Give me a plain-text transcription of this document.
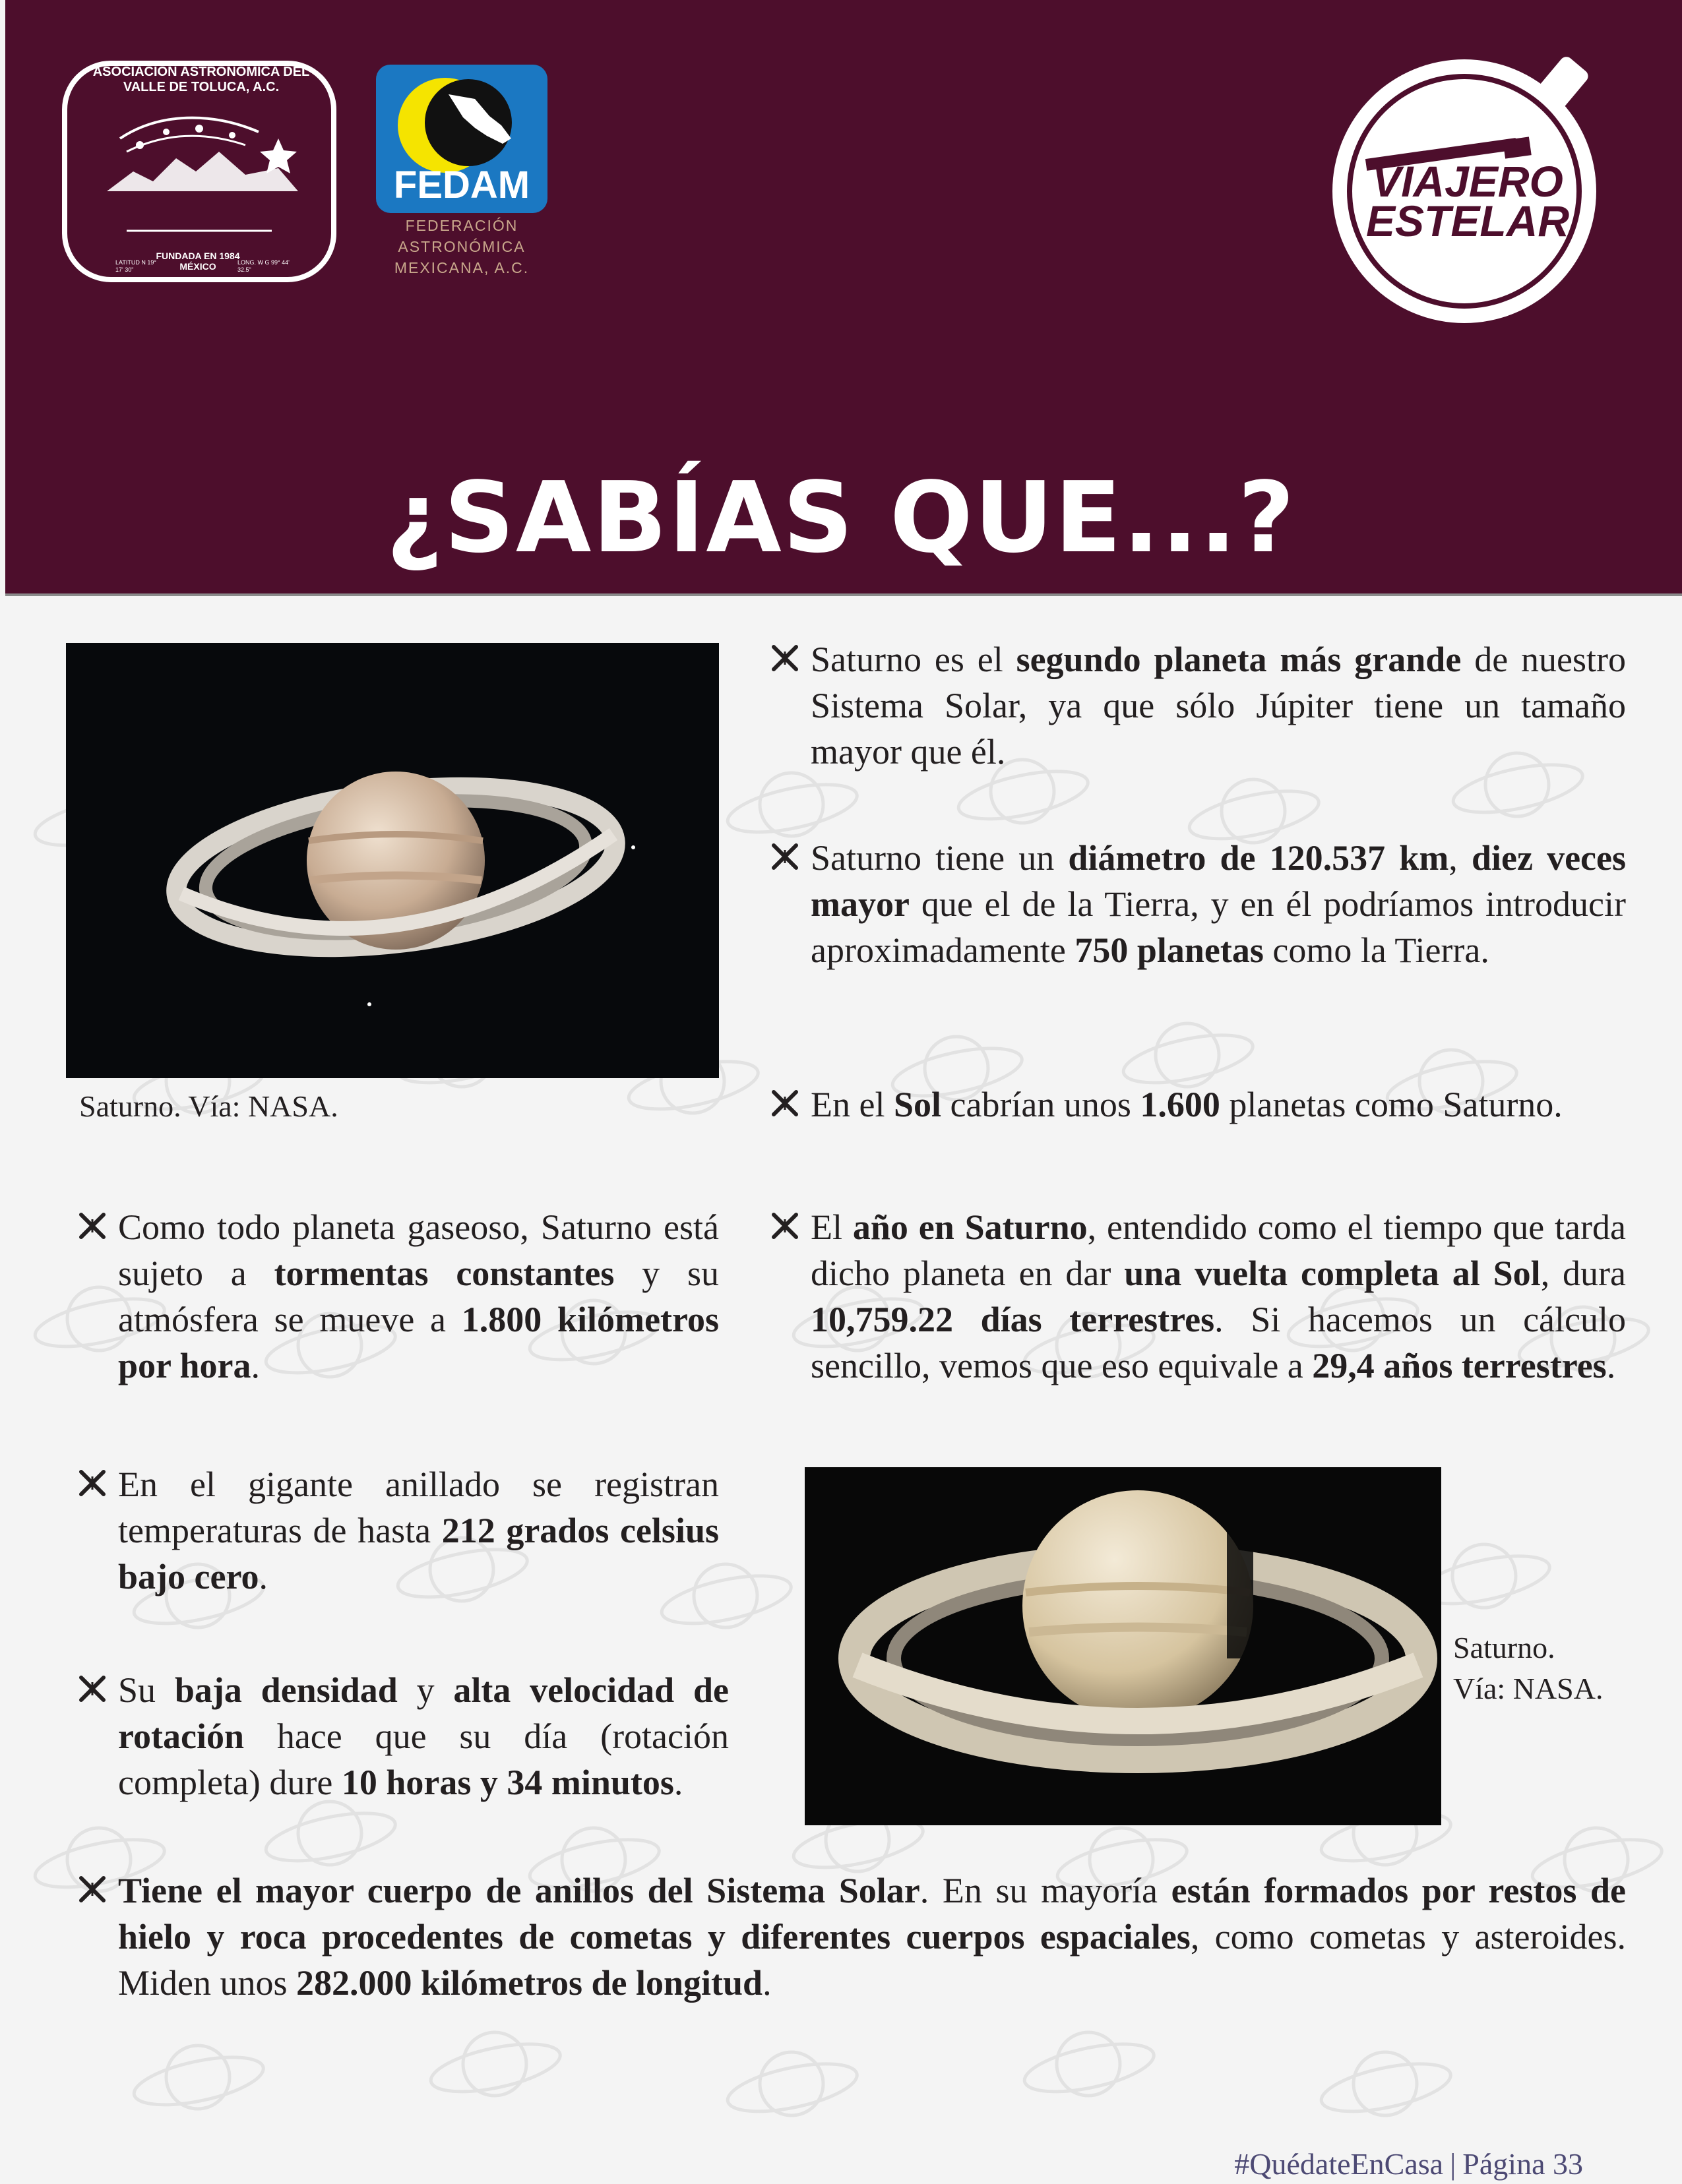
ASOCIACIÓN ASTRONÓMICA DEL VALLE DE TOLUCA, A.C.
FUNDADA EN 1984 MÉXICO
LATITUD N 19° 17' 30"
LONG. W G 99° 44' 32.5"
FEDAM
FEDERACIÓN ASTRONÓMICA MEXICANA, A.C.
VIAJERO
ESTELAR
¿SABÍAS QUE...?
Saturno. Vía: NASA.
Saturno.
Vía: NASA.
Saturno es el segundo planeta más grande de nuestro Sistema Solar, ya que sólo Júpiter tiene un tamaño mayor que él.
Saturno tiene un diámetro de 120.537 km, diez veces mayor que el de la Tierra, y en él podríamos introducir aproximadamente 750 planetas como la Tierra.
En el Sol cabrían unos 1.600 planetas como Saturno.
Como todo planeta gaseoso, Saturno está sujeto a tormentas constantes y su atmósfera se mueve a 1.800 kilómetros por hora.
El año en Saturno, entendido como el tiempo que tarda dicho planeta en dar una vuelta completa al Sol, dura 10,759.22 días terrestres. Si hacemos un cálculo sencillo, vemos que eso equivale a 29,4 años terrestres.
En el gigante anillado se registran temperaturas de hasta 212 grados celsius bajo cero.
Su baja densidad y alta velocidad de rotación hace que su día (rotación completa) dure 10 horas y 34 minutos.
Tiene el mayor cuerpo de anillos del Sistema Solar. En su mayoría están formados por restos de hielo y roca procedentes de cometas y diferentes cuerpos espaciales, como cometas y asteroides. Miden unos 282.000 kilómetros de longitud.
#QuédateEnCasa | Página 33
